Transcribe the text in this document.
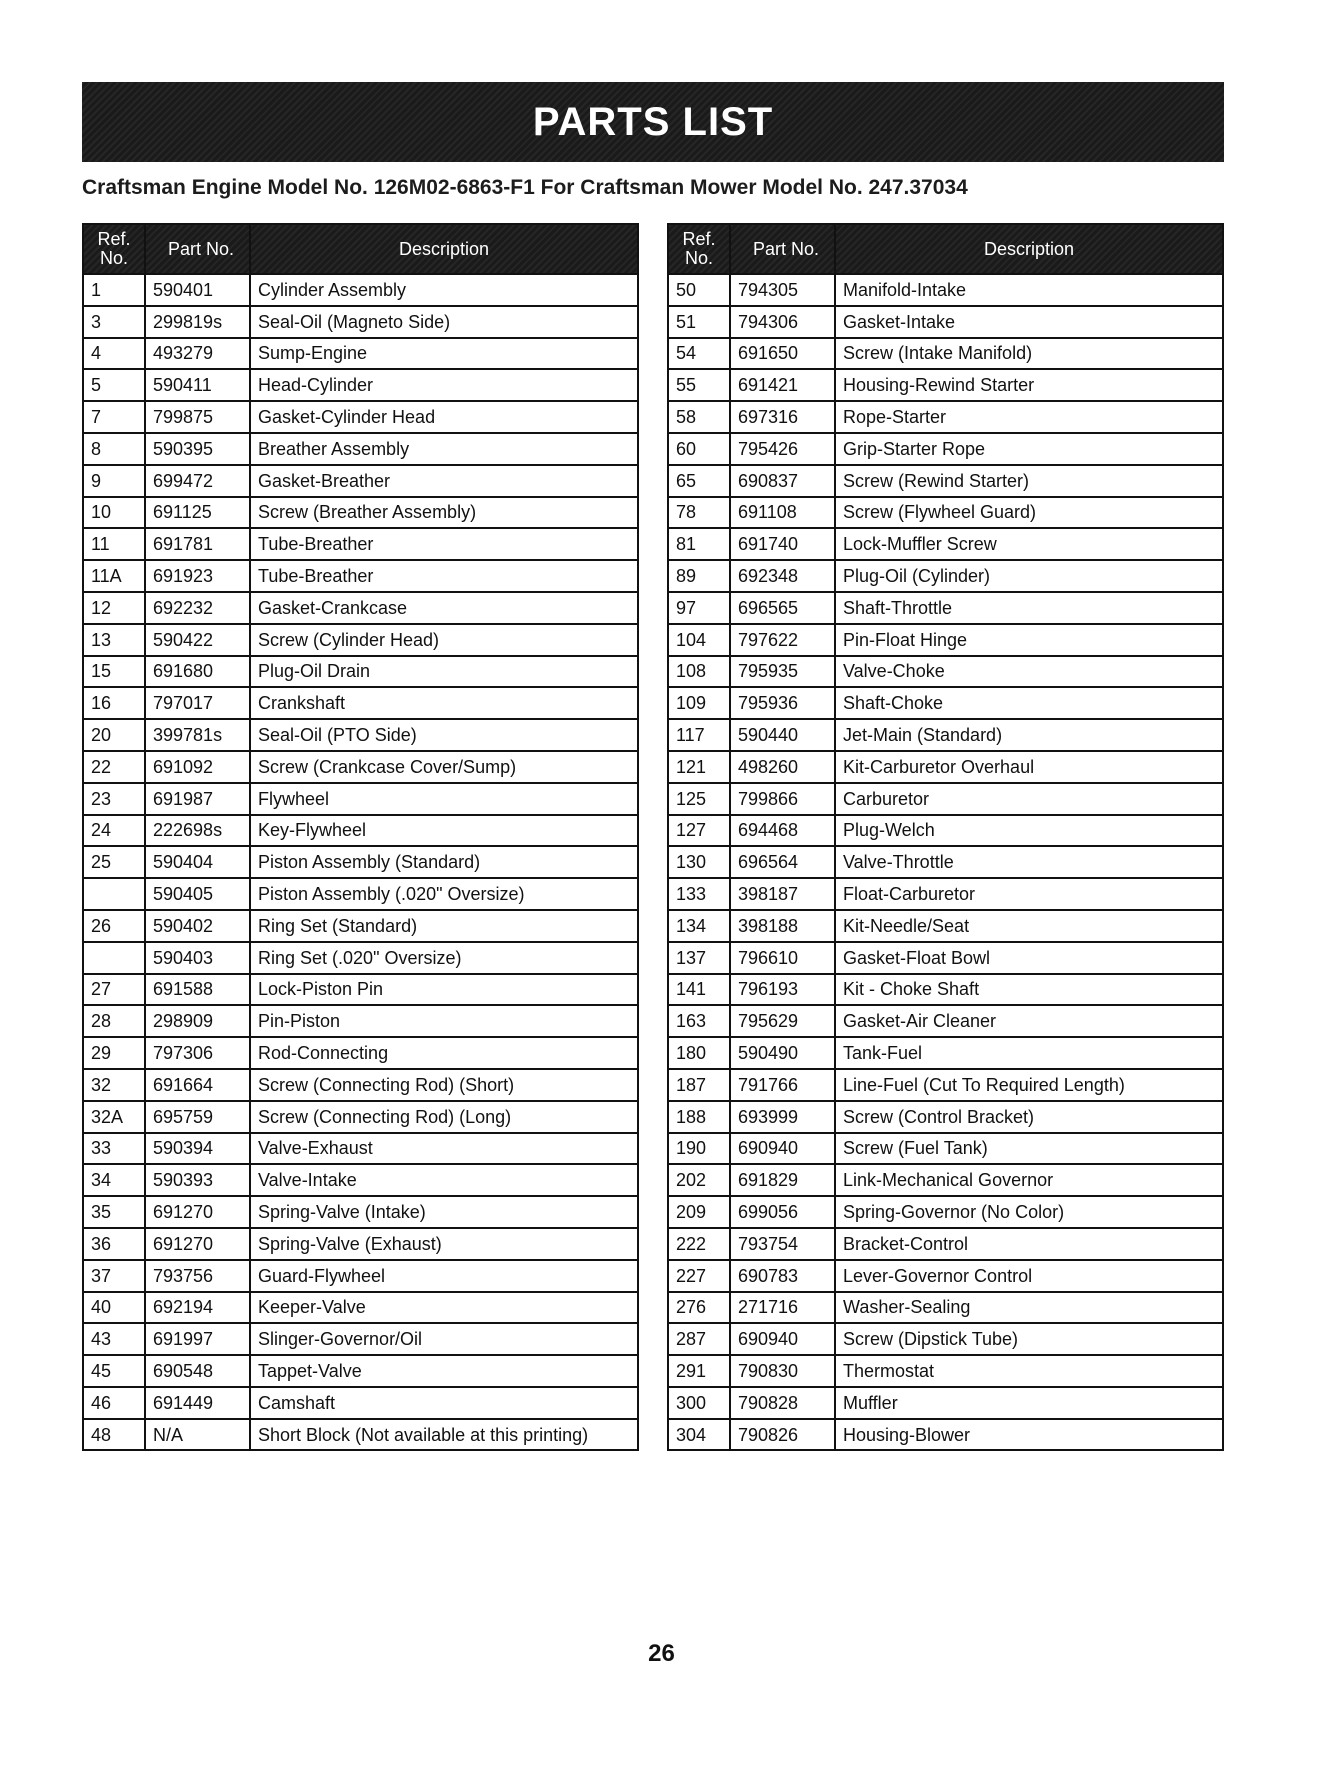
PARTS LIST
Craftsman Engine Model No. 126M02-6863-F1 For Craftsman Mower Model No. 247.37034
Ref. No.	Part No.	Description
1	590401	Cylinder Assembly
3	299819s	Seal-Oil (Magneto Side)
4	493279	Sump-Engine
5	590411	Head-Cylinder
7	799875	Gasket-Cylinder Head
8	590395	Breather Assembly
9	699472	Gasket-Breather
10	691125	Screw (Breather Assembly)
11	691781	Tube-Breather
11A	691923	Tube-Breather
12	692232	Gasket-Crankcase
13	590422	Screw (Cylinder Head)
15	691680	Plug-Oil Drain
16	797017	Crankshaft
20	399781s	Seal-Oil (PTO Side)
22	691092	Screw (Crankcase Cover/Sump)
23	691987	Flywheel
24	222698s	Key-Flywheel
25	590404	Piston Assembly (Standard)
	590405	Piston Assembly (.020" Oversize)
26	590402	Ring Set (Standard)
	590403	Ring Set (.020" Oversize)
27	691588	Lock-Piston Pin
28	298909	Pin-Piston
29	797306	Rod-Connecting
32	691664	Screw (Connecting Rod) (Short)
32A	695759	Screw (Connecting Rod) (Long)
33	590394	Valve-Exhaust
34	590393	Valve-Intake
35	691270	Spring-Valve (Intake)
36	691270	Spring-Valve (Exhaust)
37	793756	Guard-Flywheel
40	692194	Keeper-Valve
43	691997	Slinger-Governor/Oil
45	690548	Tappet-Valve
46	691449	Camshaft
48	N/A	Short Block (Not available at this printing)
Ref. No.	Part No.	Description
50	794305	Manifold-Intake
51	794306	Gasket-Intake
54	691650	Screw (Intake Manifold)
55	691421	Housing-Rewind Starter
58	697316	Rope-Starter
60	795426	Grip-Starter Rope
65	690837	Screw (Rewind Starter)
78	691108	Screw (Flywheel Guard)
81	691740	Lock-Muffler Screw
89	692348	Plug-Oil (Cylinder)
97	696565	Shaft-Throttle
104	797622	Pin-Float Hinge
108	795935	Valve-Choke
109	795936	Shaft-Choke
117	590440	Jet-Main (Standard)
121	498260	Kit-Carburetor Overhaul
125	799866	Carburetor
127	694468	Plug-Welch
130	696564	Valve-Throttle
133	398187	Float-Carburetor
134	398188	Kit-Needle/Seat
137	796610	Gasket-Float Bowl
141	796193	Kit - Choke Shaft
163	795629	Gasket-Air Cleaner
180	590490	Tank-Fuel
187	791766	Line-Fuel (Cut To Required Length)
188	693999	Screw (Control Bracket)
190	690940	Screw (Fuel Tank)
202	691829	Link-Mechanical Governor
209	699056	Spring-Governor (No Color)
222	793754	Bracket-Control
227	690783	Lever-Governor Control
276	271716	Washer-Sealing
287	690940	Screw (Dipstick Tube)
291	790830	Thermostat
300	790828	Muffler
304	790826	Housing-Blower
26
